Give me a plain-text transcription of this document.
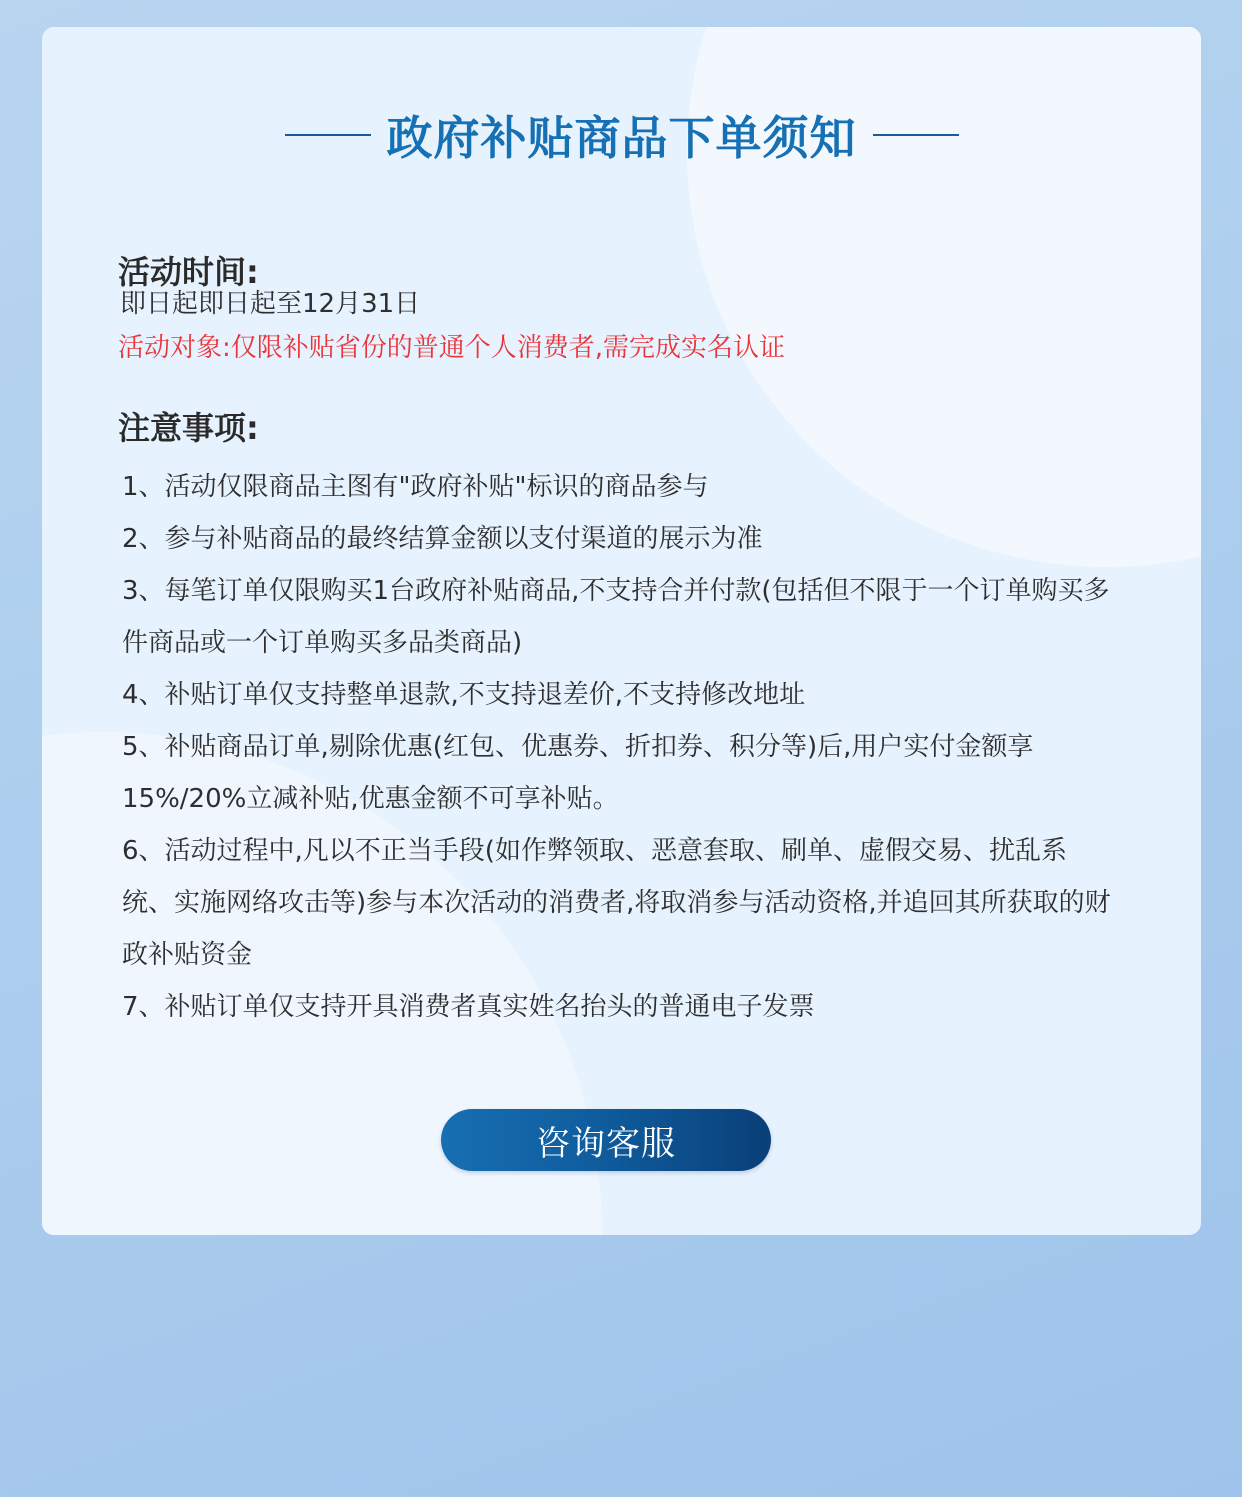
政府补贴商品下单须知
活动时间:
即日起即日起至12月31日
活动对象:仅限补贴省份的普通个人消费者,需完成实名认证
注意事项:
1、活动仅限商品主图有"政府补贴"标识的商品参与
2、参与补贴商品的最终结算金额以支付渠道的展示为准
3、每笔订单仅限购买1台政府补贴商品,不支持合并付款(包括但不限于一个订单购买多件商品或一个订单购买多品类商品)
4、补贴订单仅支持整单退款,不支持退差价,不支持修改地址
5、补贴商品订单,剔除优惠(红包、优惠券、折扣券、积分等)后,用户实付金额享15%/20%立减补贴,优惠金额不可享补贴。
6、活动过程中,凡以不正当手段(如作弊领取、恶意套取、刷单、虚假交易、扰乱系统、实施网络攻击等)参与本次活动的消费者,将取消参与活动资格,并追回其所获取的财政补贴资金
7、补贴订单仅支持开具消费者真实姓名抬头的普通电子发票
咨询客服
